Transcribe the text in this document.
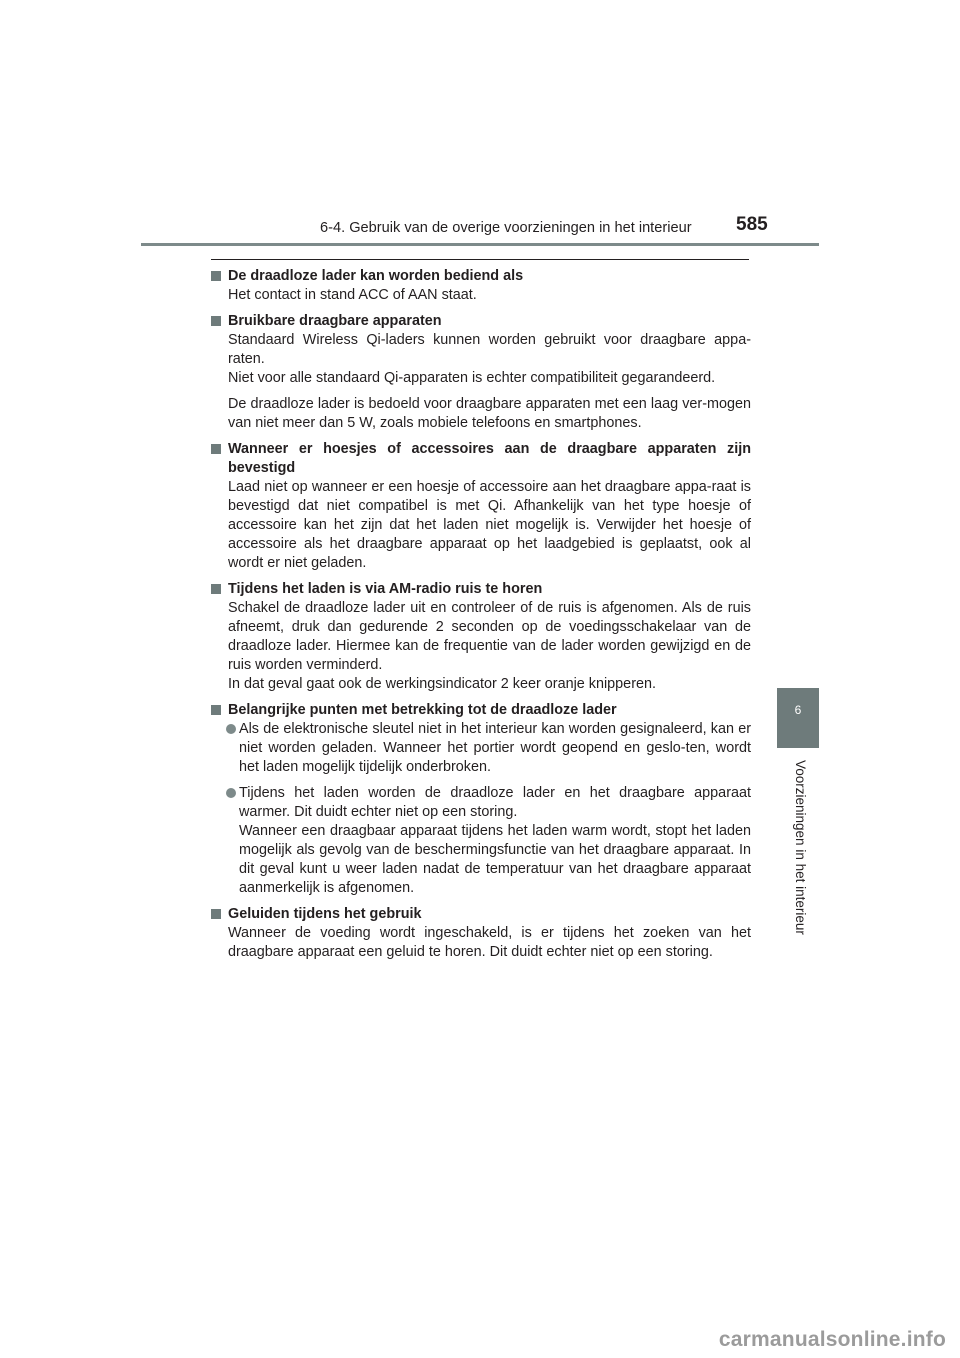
6-4. Gebruik van de overige voorzieningen in het interieur	585
6
Voorzieningen in het interieur
De draadloze lader kan worden bediend als

Het contact in stand ACC of AAN staat.

Bruikbare draagbare apparaten

Standaard Wireless Qi-laders kunnen worden gebruikt voor draagbare appa-raten.
Niet voor alle standaard Qi-apparaten is echter compatibiliteit gegarandeerd.

De draadloze lader is bedoeld voor draagbare apparaten met een laag ver-mogen van niet meer dan 5 W, zoals mobiele telefoons en smartphones.

Wanneer er hoesjes of accessoires aan de draagbare apparaten zijn bevestigd

Laad niet op wanneer er een hoesje of accessoire aan het draagbare appa-raat is bevestigd dat niet compatibel is met Qi. Afhankelijk van het type hoesje of accessoire kan het zijn dat het laden niet mogelijk is. Verwijder het hoesje of accessoire als het draagbare apparaat op het laadgebied is geplaatst, ook al wordt er niet geladen.

Tijdens het laden is via AM-radio ruis te horen

Schakel de draadloze lader uit en controleer of de ruis is afgenomen. Als de ruis afneemt, druk dan gedurende 2 seconden op de voedingsschakelaar van de draadloze lader. Hiermee kan de frequentie van de lader worden gewijzigd en de ruis worden verminderd.
In dat geval gaat ook de werkingsindicator 2 keer oranje knipperen.

Belangrijke punten met betrekking tot de draadloze lader
Als de elektronische sleutel niet in het interieur kan worden gesignaleerd, kan er niet worden geladen. Wanneer het portier wordt geopend en geslo-ten, wordt het laden mogelijk tijdelijk onderbroken.
Tijdens het laden worden de draadloze lader en het draagbare apparaat warmer. Dit duidt echter niet op een storing.
Wanneer een draagbaar apparaat tijdens het laden warm wordt, stopt het laden mogelijk als gevolg van de beschermingsfunctie van het draagbare apparaat. In dit geval kunt u weer laden nadat de temperatuur van het draagbare apparaat aanmerkelijk is afgenomen.
Geluiden tijdens het gebruik

Wanneer de voeding wordt ingeschakeld, is er tijdens het zoeken van het draagbare apparaat een geluid te horen. Dit duidt echter niet op een storing.

carmanualsonline.info
